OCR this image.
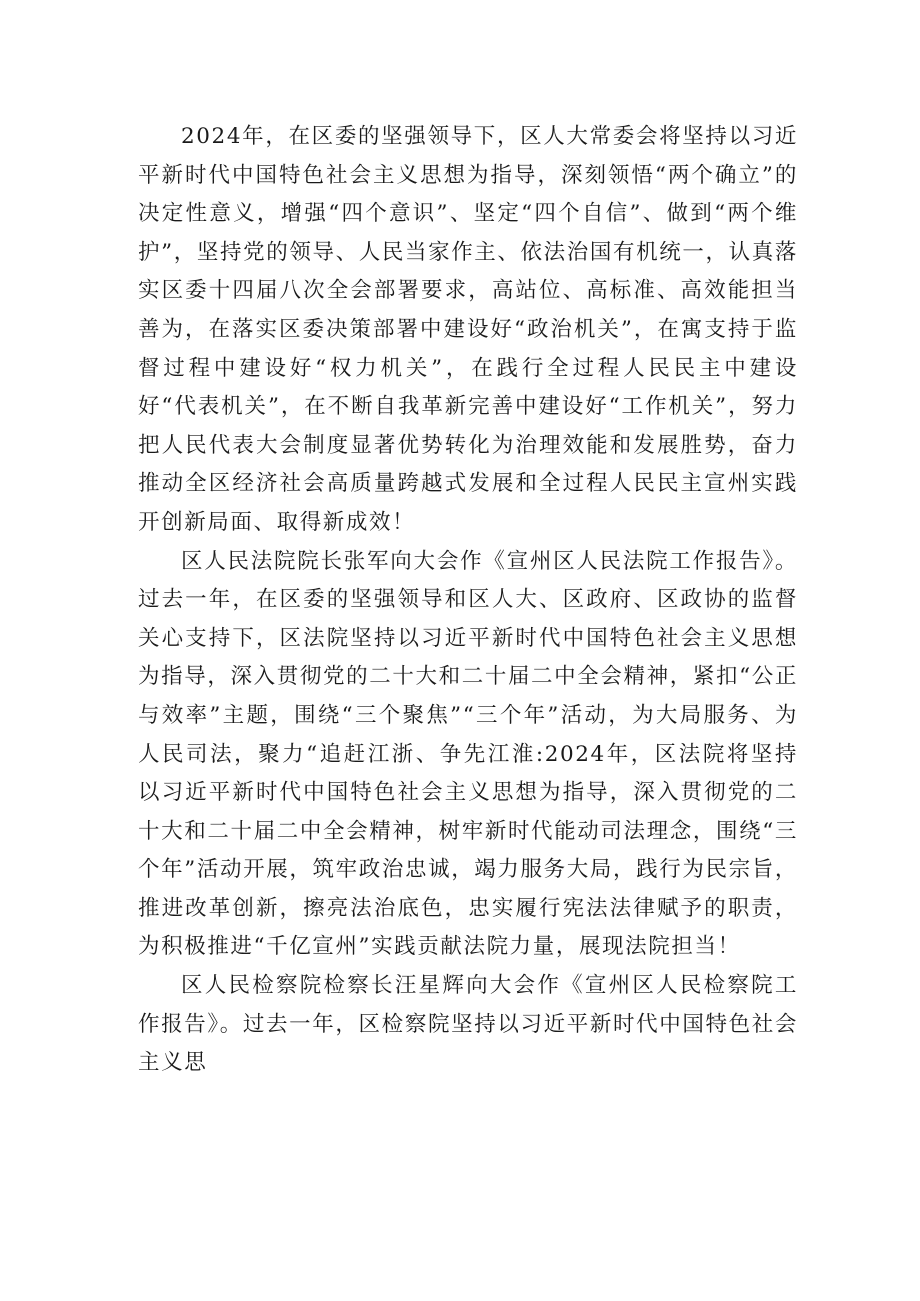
2024年，在区委的坚强领导下，区人大常委会将坚持以习近平新时代中国特色社会主义思想为指导，深刻领悟“两个确立”的决定性意义，增强“四个意识”、坚定“四个自信”、做到“两个维护”，坚持党的领导、人民当家作主、依法治国有机统一，认真落实区委十四届八次全会部署要求，高站位、高标准、高效能担当善为，在落实区委决策部署中建设好“政治机关”，在寓支持于监督过程中建设好“权力机关”，在践行全过程人民民主中建设好“代表机关”，在不断自我革新完善中建设好“工作机关”，努力把人民代表大会制度显著优势转化为治理效能和发展胜势，奋力推动全区经济社会高质量跨越式发展和全过程人民民主宣州实践开创新局面、取得新成效！

区人民法院院长张军向大会作《宣州区人民法院工作报告》。过去一年，在区委的坚强领导和区人大、区政府、区政协的监督关心支持下，区法院坚持以习近平新时代中国特色社会主义思想为指导，深入贯彻党的二十大和二十届二中全会精神，紧扣“公正与效率”主题，围绕“三个聚焦”“三个年”活动，为大局服务、为人民司法，聚力“追赶江浙、争先江淮:2024年，区法院将坚持以习近平新时代中国特色社会主义思想为指导，深入贯彻党的二十大和二十届二中全会精神，树牢新时代能动司法理念，围绕“三个年”活动开展，筑牢政治忠诚，竭力服务大局，践行为民宗旨，推进改革创新，擦亮法治底色，忠实履行宪法法律赋予的职责，为积极推进“千亿宣州”实践贡献法院力量，展现法院担当！

区人民检察院检察长汪星辉向大会作《宣州区人民检察院工作报告》。过去一年，区检察院坚持以习近平新时代中国特色社会主义思
